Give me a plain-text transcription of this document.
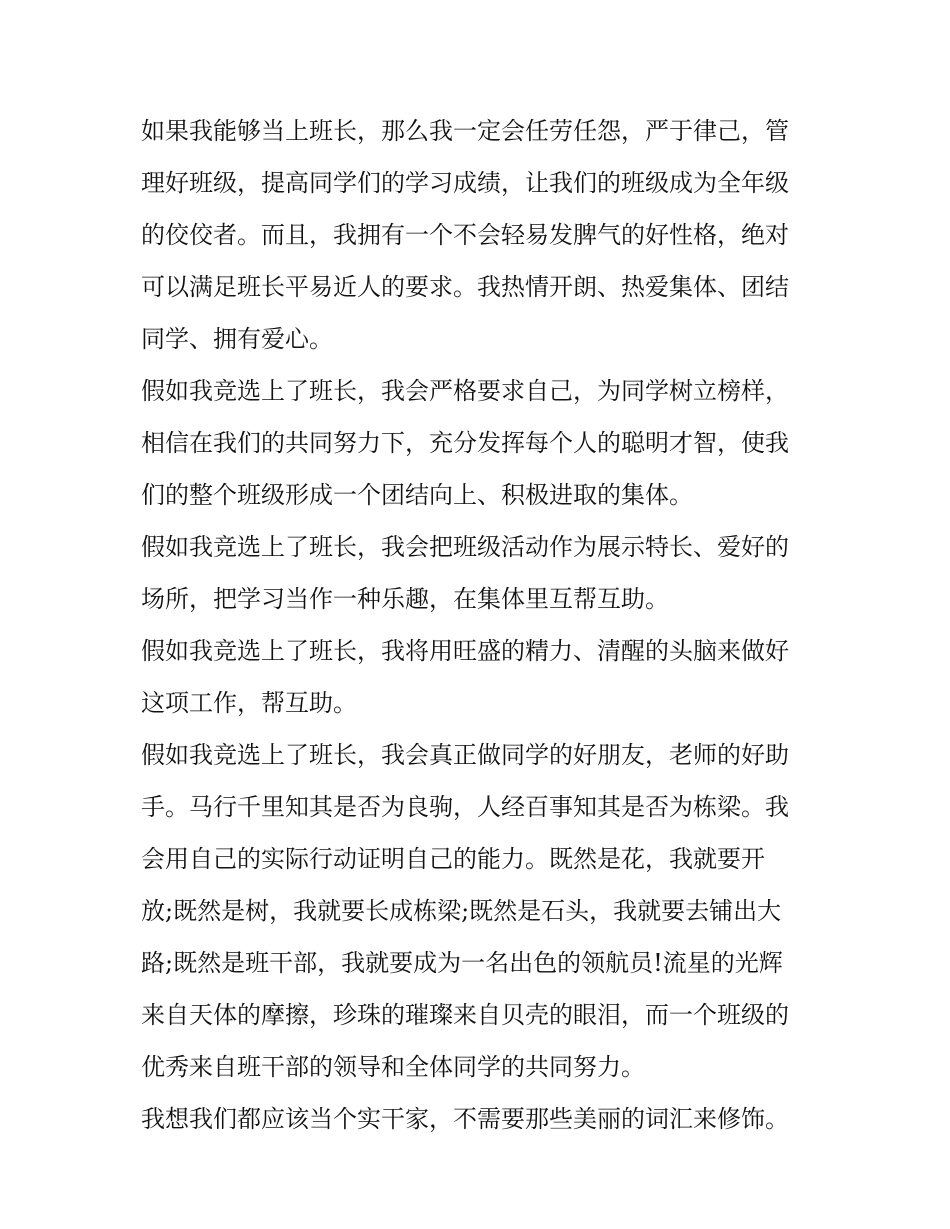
如果我能够当上班长，那么我一定会任劳任怨，严于律己，管
理好班级，提高同学们的学习成绩，让我们的班级成为全年级
的佼佼者。而且，我拥有一个不会轻易发脾气的好性格，绝对
可以满足班长平易近人的要求。我热情开朗、热爱集体、团结
同学、拥有爱心。
假如我竞选上了班长，我会严格要求自己，为同学树立榜样，
相信在我们的共同努力下，充分发挥每个人的聪明才智，使我
们的整个班级形成一个团结向上、积极进取的集体。
假如我竞选上了班长，我会把班级活动作为展示特长、爱好的
场所，把学习当作一种乐趣，在集体里互帮互助。
假如我竞选上了班长，我将用旺盛的精力、清醒的头脑来做好
这项工作，帮互助。
假如我竞选上了班长，我会真正做同学的好朋友，老师的好助
手。马行千里知其是否为良驹，人经百事知其是否为栋梁。我
会用自己的实际行动证明自己的能力。既然是花，我就要开
放;既然是树，我就要长成栋梁;既然是石头，我就要去铺出大
路;既然是班干部，我就要成为一名出色的领航员!流星的光辉
来自天体的摩擦，珍珠的璀璨来自贝壳的眼泪，而一个班级的
优秀来自班干部的领导和全体同学的共同努力。
我想我们都应该当个实干家，不需要那些美丽的词汇来修饰。
